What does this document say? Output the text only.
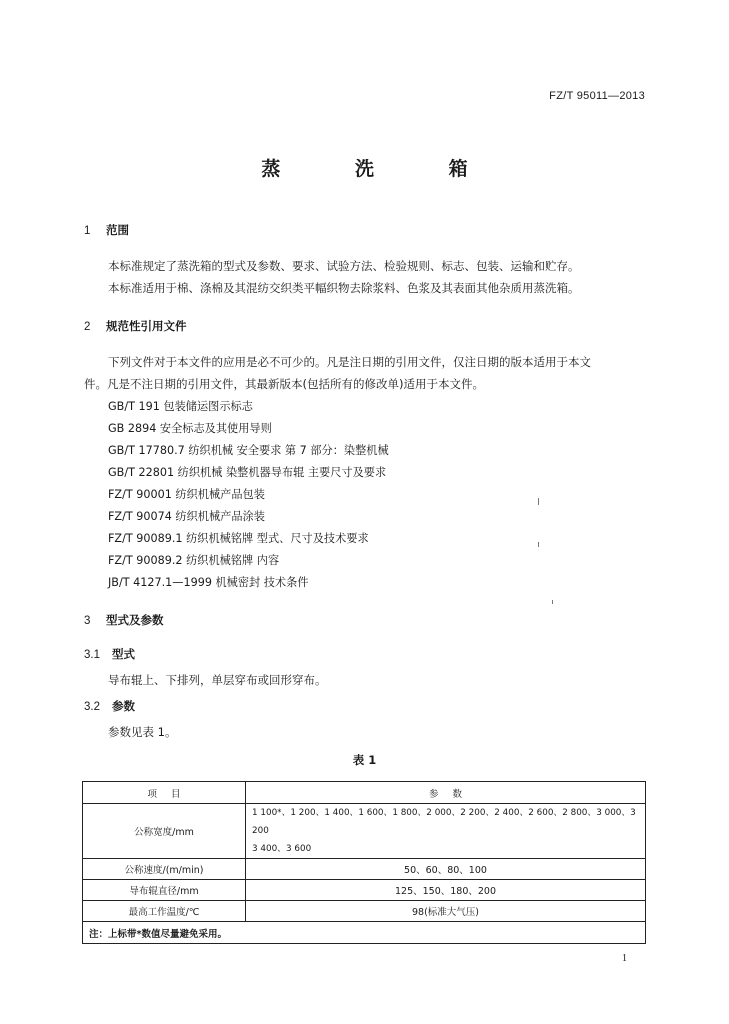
FZ/T 95011—2013
蒸 洗 箱
1 范围
本标准规定了蒸洗箱的型式及参数、要求、试验方法、检验规则、标志、包装、运输和贮存。
本标准适用于棉、涤棉及其混纺交织类平幅织物去除浆料、色浆及其表面其他杂质用蒸洗箱。
2 规范性引用文件
下列文件对于本文件的应用是必不可少的。凡是注日期的引用文件，仅注日期的版本适用于本文
件。凡是不注日期的引用文件，其最新版本(包括所有的修改单)适用于本文件。
GB/T 191 包装储运图示标志
GB 2894 安全标志及其使用导则
GB/T 17780.7 纺织机械 安全要求 第 7 部分：染整机械
GB/T 22801 纺织机械 染整机器导布辊 主要尺寸及要求
FZ/T 90001 纺织机械产品包装
FZ/T 90074 纺织机械产品涂装
FZ/T 90089.1 纺织机械铭牌 型式、尺寸及技术要求
FZ/T 90089.2 纺织机械铭牌 内容
JB/T 4127.1—1999 机械密封 技术条件
3 型式及参数
3.1 型式
导布辊上、下排列，单层穿布或回形穿布。
3.2 参数
参数见表 1。
表 1
项目	参数
公称宽度/mm	1 100*、1 200、1 400、1 600、1 800、2 000、2 200、2 400、2 600、2 800、3 000、3 200
3 400、3 600

公称速度/(m/min)	50、60、80、100
导布辊直径/mm	125、150、180、200
最高工作温度/℃	98(标准大气压)
注：上标带*数值尽量避免采用。	
1
